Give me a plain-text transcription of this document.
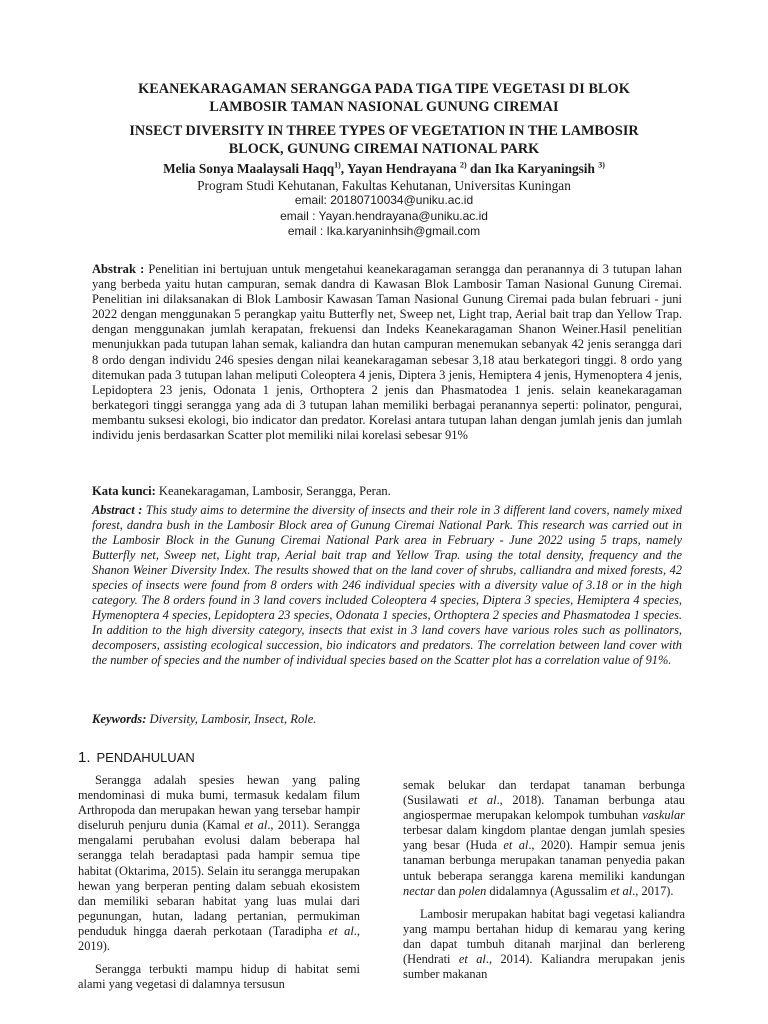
KEANEKARAGAMAN SERANGGA PADA TIGA TIPE VEGETASI DI BLOK
LAMBOSIR TAMAN NASIONAL GUNUNG CIREMAI
INSECT DIVERSITY IN THREE TYPES OF VEGETATION IN THE LAMBOSIR
BLOCK, GUNUNG CIREMAI NATIONAL PARK
Melia Sonya Maalaysali Haqq$^{1)}$, Yayan Hendrayana $^{2)}$ dan Ika Karyaningsih $^{3)}$
Program Studi Kehutanan, Fakultas Kehutanan, Universitas Kuningan
email: 20180710034@uniku.ac.id
email : Yayan.hendrayana@uniku.ac.id
email : Ika.karyaninhsih@gmail.com
Abstrak : Penelitian ini bertujuan untuk mengetahui keanekaragaman serangga dan peranannyа di 3 tutupan lahan yang berbeda yaitu hutan campuran, semak dandra di Kawasan Blok Lambosir Taman Nasional Gunung Ciremai. Penelitian ini dilaksanakan di Blok Lambosir Kawasan Taman Nasional Gunung Ciremai pada bulan februari - juni 2022 dengan menggunakan 5 perangkap yaitu Butterfly net, Sweep net, Light trap, Aerial bait trap dan Yellow Trap. dengan menggunakan jumlah kerapatan, frekuensi dan Indeks Keanekaragaman Shanon Weiner.Hasil penelitian menunjukkan pada tutupan lahan semak, kaliandra dan hutan campuran menemukan sebanyak 42 jenis serangga dari 8 ordo dengan individu 246 spesies dengan nilai keanekaragaman sebesar 3,18 atau berkategori tinggi. 8 ordo yang ditemukan pada 3 tutupan lahan meliputi Coleoptera 4 jenis, Diptera 3 jenis, Hemiptera 4 jenis, Hymenoptera 4 jenis, Lepidoptera 23 jenis, Odonata 1 jenis, Orthoptera 2 jenis dan Phasmatodea 1 jenis. selain keanekaragaman berkategori tinggi serangga yang ada di 3 tutupan lahan memiliki berbagai peranannyа seperti: polinator, pengurai, membantu suksesi ekologi, bio indicator dan predator. Korelasi antara tutupan lahan dengan jumlah jenis dan jumlah individu jenis berdasarkan Scatter plot memiliki nilai korelasi sebesar 91%
Kata kunci: Keanekaragaman, Lambosir, Serangga, Peran.
Abstract : This study aims to determine the diversity of insects and their role in 3 different land covers, namely mixed forest, dandra bush in the Lambosir Block area of Gunung Ciremai National Park. This research was carried out in the Lambosir Block in the Gunung Ciremai National Park area in February - June 2022 using 5 traps, namely Butterfly net, Sweep net, Light trap, Aerial bait trap and Yellow Trap. using the total density, frequency and the Shanon Weiner Diversity Index. The results showed that on the land cover of shrubs, calliandra and mixed forests, 42 species of insects were found from 8 orders with 246 individual species with a diversity value of 3.18 or in the high category. The 8 orders found in 3 land covers included Coleoptera 4 species, Diptera 3 species, Hemiptera 4 species, Hymenoptera 4 species, Lepidoptera 23 species, Odonata 1 species, Orthoptera 2 species and Phasmatodea 1 species. In addition to the high diversity category, insects that exist in 3 land covers have various roles such as pollinators, decomposers, assisting ecological succession, bio indicators and predators. The correlation between land cover with the number of species and the number of individual species based on the Scatter plot has a correlation value of 91%.
Keywords: Diversity, Lambosir, Insect, Role.
1. PENDAHULUAN

Serangga adalah spesies hewan yang paling mendominasi di muka bumi, termasuk kedalam filum Arthropoda dan merupakan hewan yang tersebar hampir diseluruh penjuru dunia (Kamal et al., 2011). Serangga mengalami perubahan evolusi dalam beberapa hal serangga telah beradaptasi pada hampir semua tipe habitat (Oktarima, 2015). Selain itu serangga merupakan hewan yang berperan penting dalam sebuah ekosistem dan memiliki sebaran habitat yang luas mulai dari pegunungan, hutan, ladang pertanian, permukiman penduduk hingga daerah perkotaan (Taradipha et al., 2019).

Serangga terbukti mampu hidup di habitat semi alami yang vegetasi di dalamnya tersusun

semak belukar dan terdapat tanaman berbunga (Susilawati et al., 2018). Tanaman berbunga atau angiospermae merupakan kelompok tumbuhan vaskular terbesar dalam kingdom plantae dengan jumlah spesies yang besar (Huda et al., 2020). Hampir semua jenis tanaman berbunga merupakan tanaman penyedia pakan untuk beberapa serangga karena memiliki kandungan nectar dan polen didalamnya (Agussalim et al., 2017).

Lambosir merupakan habitat bagi vegetasi kaliandra yang mampu bertahan hidup di kemarau yang kering dan dapat tumbuh ditanah marjinal dan berlereng (Hendrati et al., 2014). Kaliandra merupakan jenis sumber makanan
